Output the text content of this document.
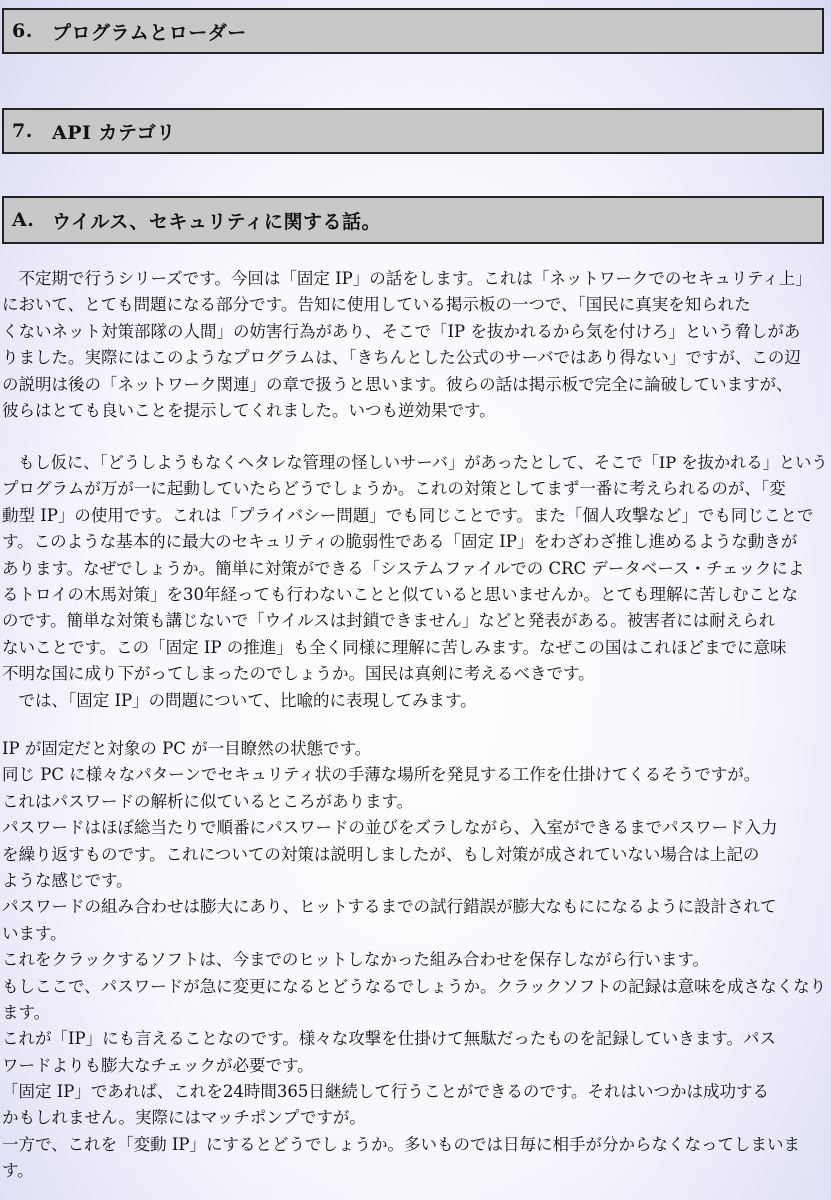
6.	プログラムとローダー
7.	API カテゴリ
A. ウイルス、セキュリティに関する話。
　不定期で行うシリーズです。今回は「固定 IP」の話をします。これは「ネットワークでのセキュリティ上」
において、とても問題になる部分です。告知に使用している掲示板の一つで、「国民に真実を知られた
くないネット対策部隊の人間」の妨害行為があり、そこで「IP を抜かれるから気を付けろ」という脅しがあ
りました。実際にはこのようなプログラムは、「きちんとした公式のサーバではあり得ない」ですが、この辺
の説明は後の「ネットワーク関連」の章で扱うと思います。彼らの話は掲示板で完全に論破していますが、
彼らはとても良いことを提示してくれました。いつも逆効果です。
　もし仮に、「どうしようもなくヘタレな管理の怪しいサーバ」があったとして、そこで「IP を抜かれる」という
プログラムが万が一に起動していたらどうでしょうか。これの対策としてまず一番に考えられるのが、「変
動型 IP」の使用です。これは「プライバシー問題」でも同じことです。また「個人攻撃など」でも同じことで
す。このような基本的に最大のセキュリティの脆弱性である「固定 IP」をわざわざ推し進めるような動きが
あります。なぜでしょうか。簡単に対策ができる「システムファイルでの CRC データベース・チェックによ
るトロイの木馬対策」を30年経っても行わないことと似ていると思いませんか。とても理解に苦しむことな
のです。簡単な対策も講じないで「ウイルスは封鎖できません」などと発表がある。被害者には耐えられ
ないことです。この「固定 IP の推進」も全く同様に理解に苦しみます。なぜこの国はこれほどまでに意味
不明な国に成り下がってしまったのでしょうか。国民は真剣に考えるべきです。
　では、「固定 IP」の問題について、比喩的に表現してみます。
IP が固定だと対象の PC が一目瞭然の状態です。
同じ PC に様々なパターンでセキュリティ状の手薄な場所を発見する工作を仕掛けてくるそうですが。
これはパスワードの解析に似ているところがあります。
パスワードはほぼ総当たりで順番にパスワードの並びをズラしながら、入室ができるまでパスワード入力
を繰り返すものです。これについての対策は説明しましたが、もし対策が成されていない場合は上記の
ような感じです。
パスワードの組み合わせは膨大にあり、ヒットするまでの試行錯誤が膨大なもにになるように設計されて
います。
これをクラックするソフトは、今までのヒットしなかった組み合わせを保存しながら行います。
もしここで、パスワードが急に変更になるとどうなるでしょうか。クラックソフトの記録は意味を成さなくなり
ます。
これが「IP」にも言えることなのです。様々な攻撃を仕掛けて無駄だったものを記録していきます。パス
ワードよりも膨大なチェックが必要です。
「固定 IP」であれば、これを24時間365日継続して行うことができるのです。それはいつかは成功する
かもしれません。実際にはマッチポンプですが。
一方で、これを「変動 IP」にするとどうでしょうか。多いものでは日毎に相手が分からなくなってしまいま
す。
